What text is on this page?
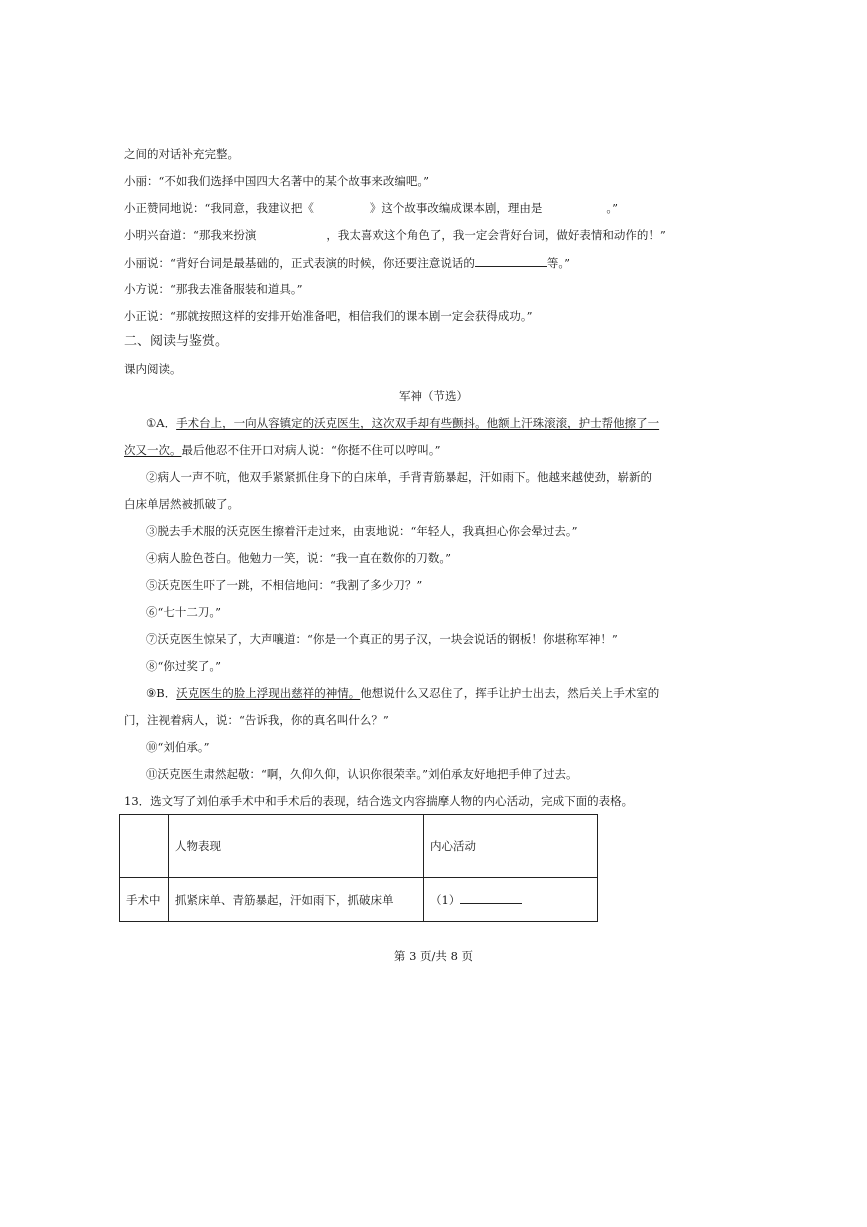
之间的对话补充完整。
小丽：“不如我们选择中国四大名著中的某个故事来改编吧。”
小正赞同地说：“我同意，我建议把《	》这个故事改编成课本剧，理由是	。”
小明兴奋道：“那我来扮演	，我太喜欢这个角色了，我一定会背好台词，做好表情和动作的！”
小丽说：“背好台词是最基础的，正式表演的时候，你还要注意说话的	等。”
小方说：“那我去准备服装和道具。”
小正说：“那就按照这样的安排开始准备吧，相信我们的课本剧一定会获得成功。”
二、阅读与鉴赏。
课内阅读。
军神（节选）
①A．手术台上，一向从容镇定的沃克医生，这次双手却有些颤抖。他额上汗珠滚滚，护士帮他擦了一
次又一次。最后他忍不住开口对病人说：“你挺不住可以哼叫。”
②病人一声不吭，他双手紧紧抓住身下的白床单，手背青筋暴起，汗如雨下。他越来越使劲，崭新的
白床单居然被抓破了。
③脱去手术服的沃克医生擦着汗走过来，由衷地说：“年轻人，我真担心你会晕过去。”
④病人脸色苍白。他勉力一笑，说：“我一直在数你的刀数。”
⑤沃克医生吓了一跳，不相信地问：“我割了多少刀？”
⑥“七十二刀。”
⑦沃克医生惊呆了，大声嚷道：“你是一个真正的男子汉，一块会说话的钢板！你堪称军神！”
⑧“你过奖了。”
⑨B．沃克医生的脸上浮现出慈祥的神情。他想说什么又忍住了，挥手让护士出去，然后关上手术室的
门，注视着病人，说：“告诉我，你的真名叫什么？”
⑩“刘伯承。”
⑪沃克医生肃然起敬：“啊，久仰久仰，认识你很荣幸。”刘伯承友好地把手伸了过去。
13．选文写了刘伯承手术中和手术后的表现，结合选文内容揣摩人物的内心活动，完成下面的表格。
	人物表现	内心活动
手术中	抓紧床单、青筋暴起，汗如雨下，抓破床单	（1）
第 3 页/共 8 页
